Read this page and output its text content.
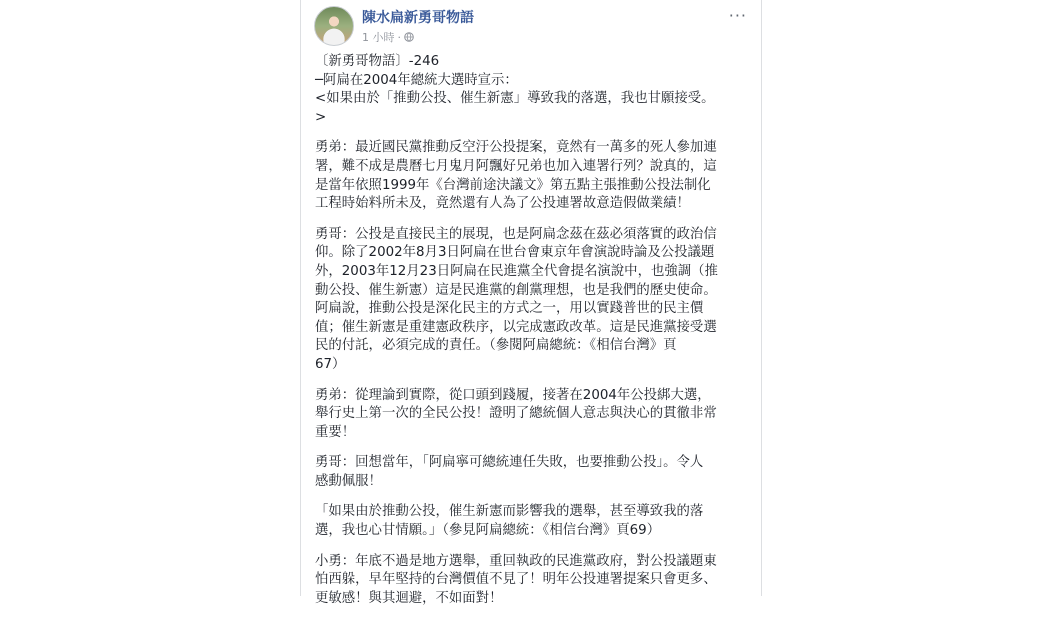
陳水扁新勇哥物語
1 小時 ·
···
〔新勇哥物語〕-246
─阿扁在2004年總統大選時宣示：
<如果由於「推動公投、催生新憲」導致我的落選，我也甘願接受。
>
勇弟：最近國民黨推動反空汙公投提案，竟然有一萬多的死人參加連
署，難不成是農曆七月鬼月阿飄好兄弟也加入連署行列？說真的，這
是當年依照1999年《台灣前途決議文》第五點主張推動公投法制化
工程時始料所未及，竟然還有人為了公投連署故意造假做業績！
勇哥：公投是直接民主的展現，也是阿扁念茲在茲必須落實的政治信
仰。除了2002年8月3日阿扁在世台會東京年會演說時論及公投議題
外，2003年12月23日阿扁在民進黨全代會提名演說中，也強調（推
動公投、催生新憲）這是民進黨的創黨理想，也是我們的歷史使命。
阿扁說，推動公投是深化民主的方式之一，用以實踐普世的民主價
值；催生新憲是重建憲政秩序，以完成憲政改革。這是民進黨接受選
民的付託，必須完成的責任。（參閱阿扁總統：《相信台灣》頁
67）
勇弟：從理論到實際，從口頭到踐履，接著在2004年公投綁大選，
舉行史上第一次的全民公投！證明了總統個人意志與決心的貫徹非常
重要！
勇哥：回想當年，「阿扁寧可總統連任失敗，也要推動公投」。令人
感動佩服！
「如果由於推動公投，催生新憲而影響我的選舉，甚至導致我的落
選，我也心甘情願。」（參見阿扁總統：《相信台灣》頁69）
小勇：年底不過是地方選舉，重回執政的民進黨政府，對公投議題東
怕西躲，早年堅持的台灣價值不見了！明年公投連署提案只會更多、
更敏感！與其迴避，不如面對！
